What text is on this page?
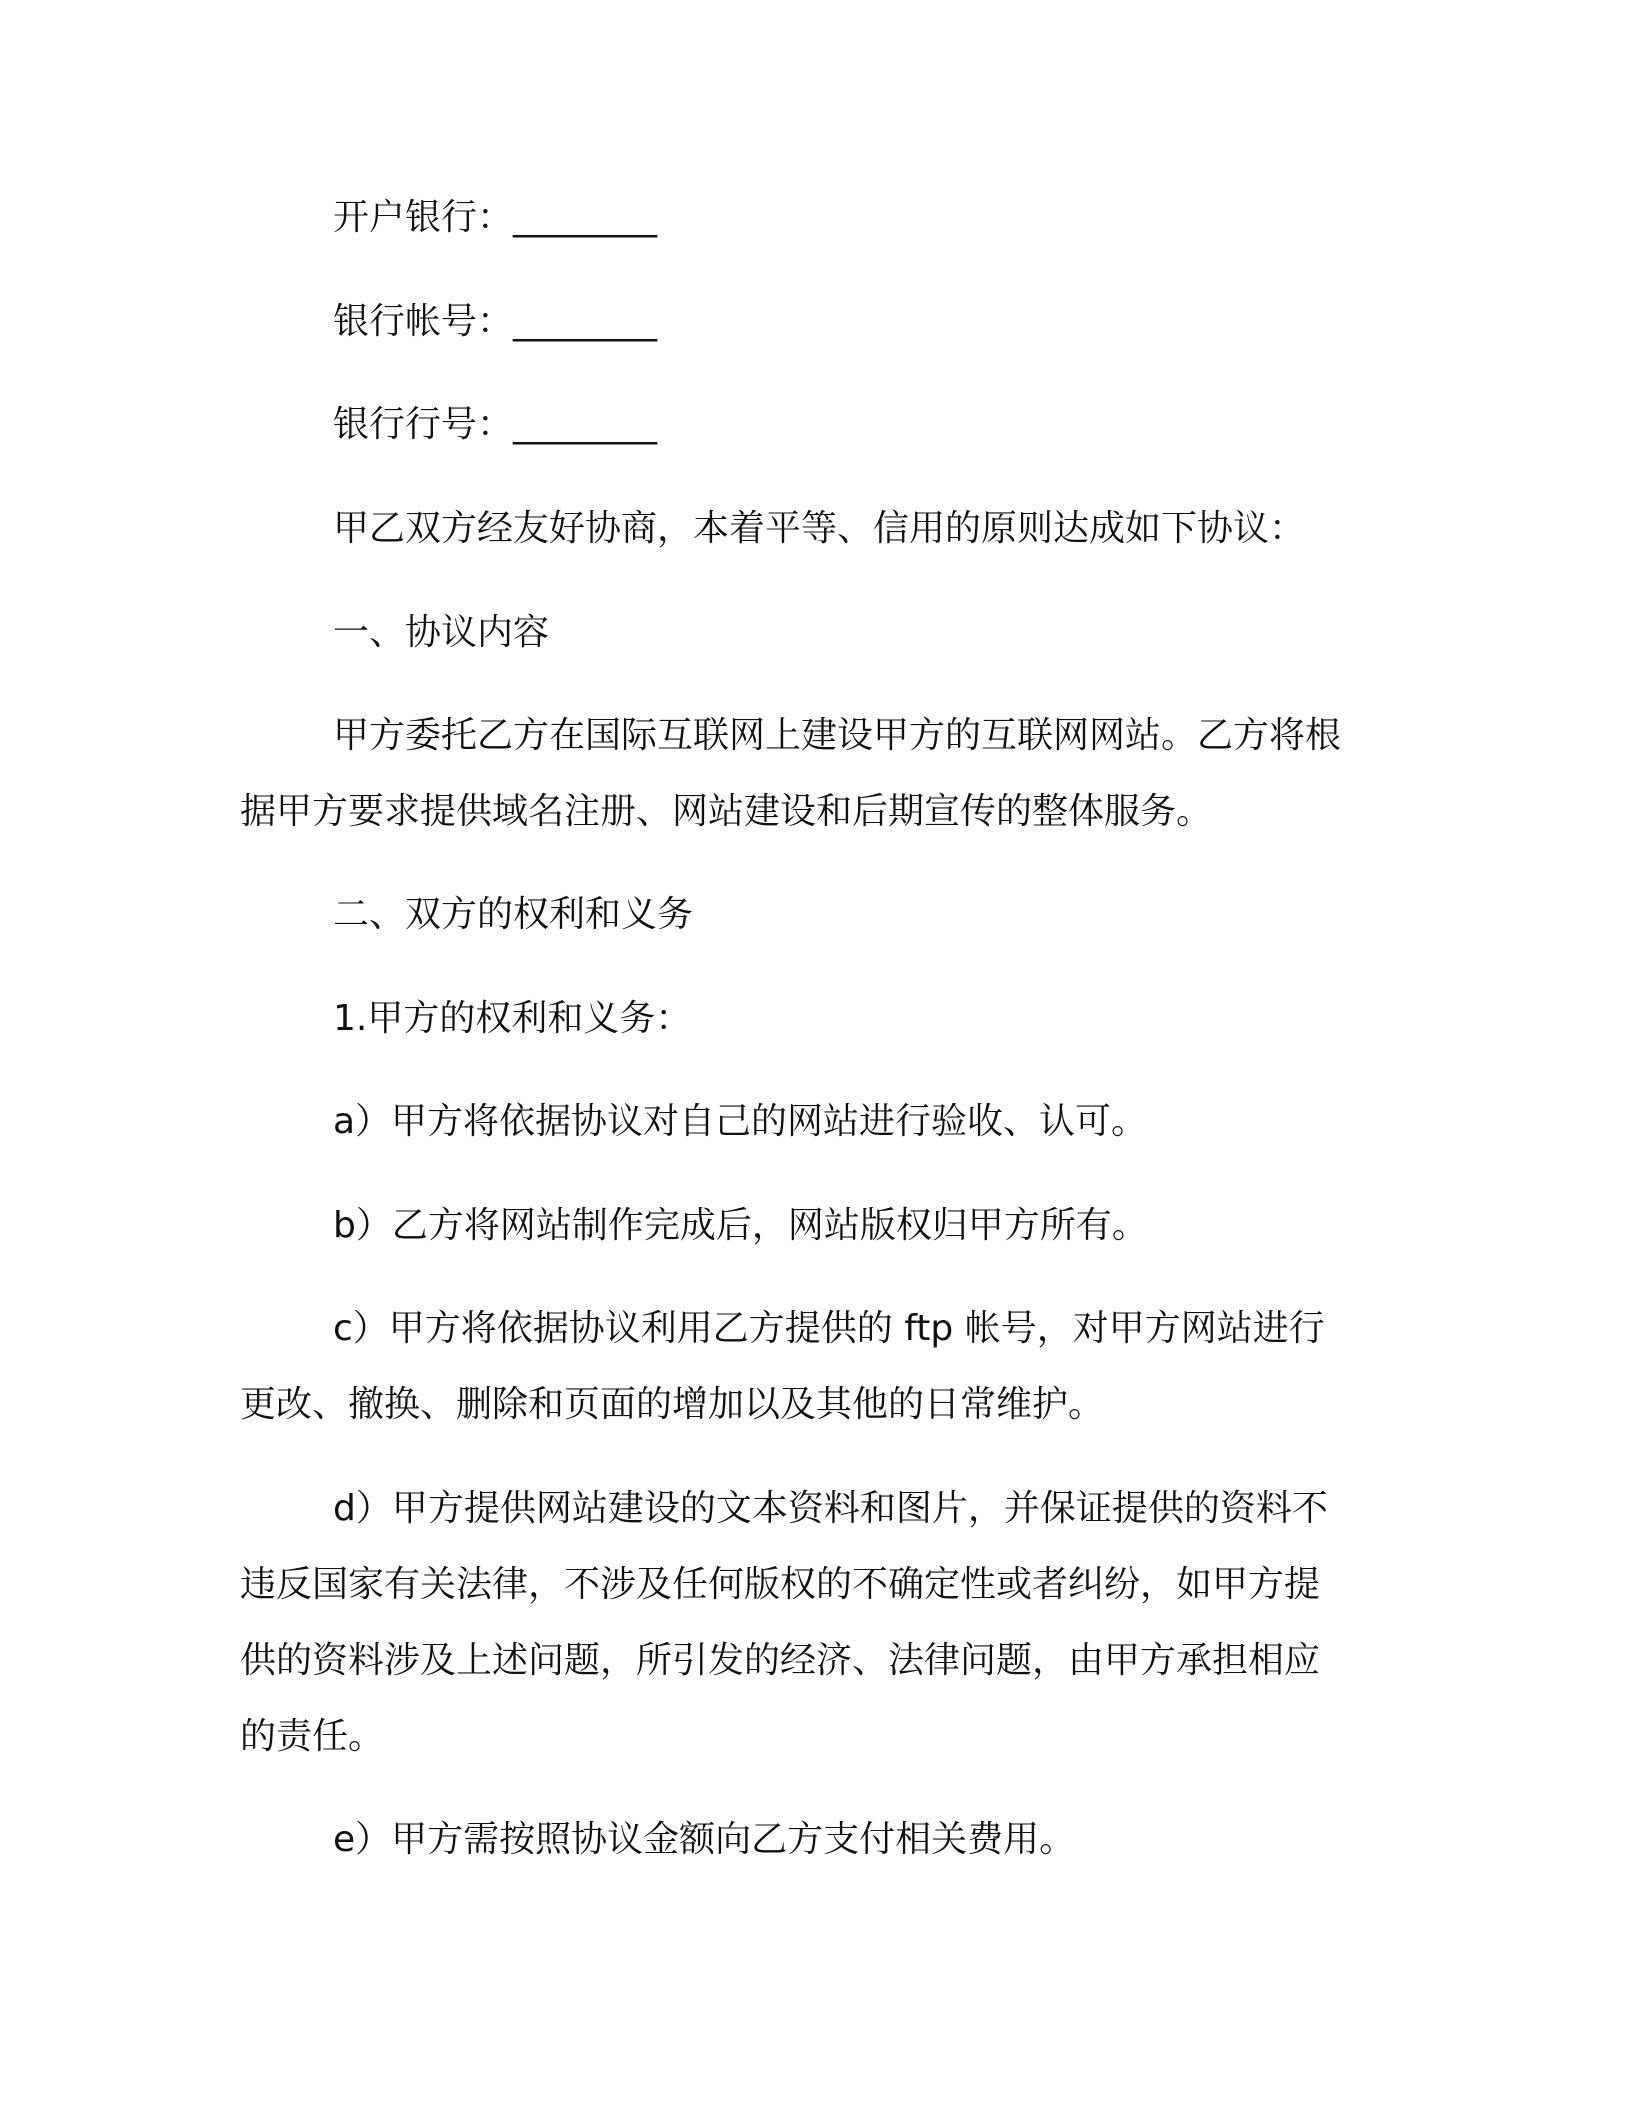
开户银行：________
银行帐号：________
银行行号：________
甲乙双方经友好协商，本着平等、信用的原则达成如下协议：
一、协议内容
甲方委托乙方在国际互联网上建设甲方的互联网网站。乙方将根
据甲方要求提供域名注册、网站建设和后期宣传的整体服务。
二、双方的权利和义务
1.甲方的权利和义务：
a）甲方将依据协议对自己的网站进行验收、认可。
b）乙方将网站制作完成后，网站版权归甲方所有。
c）甲方将依据协议利用乙方提供的 ftp 帐号，对甲方网站进行
更改、撤换、删除和页面的增加以及其他的日常维护。
d）甲方提供网站建设的文本资料和图片，并保证提供的资料不
违反国家有关法律，不涉及任何版权的不确定性或者纠纷，如甲方提
供的资料涉及上述问题，所引发的经济、法律问题，由甲方承担相应
的责任。
e）甲方需按照协议金额向乙方支付相关费用。
